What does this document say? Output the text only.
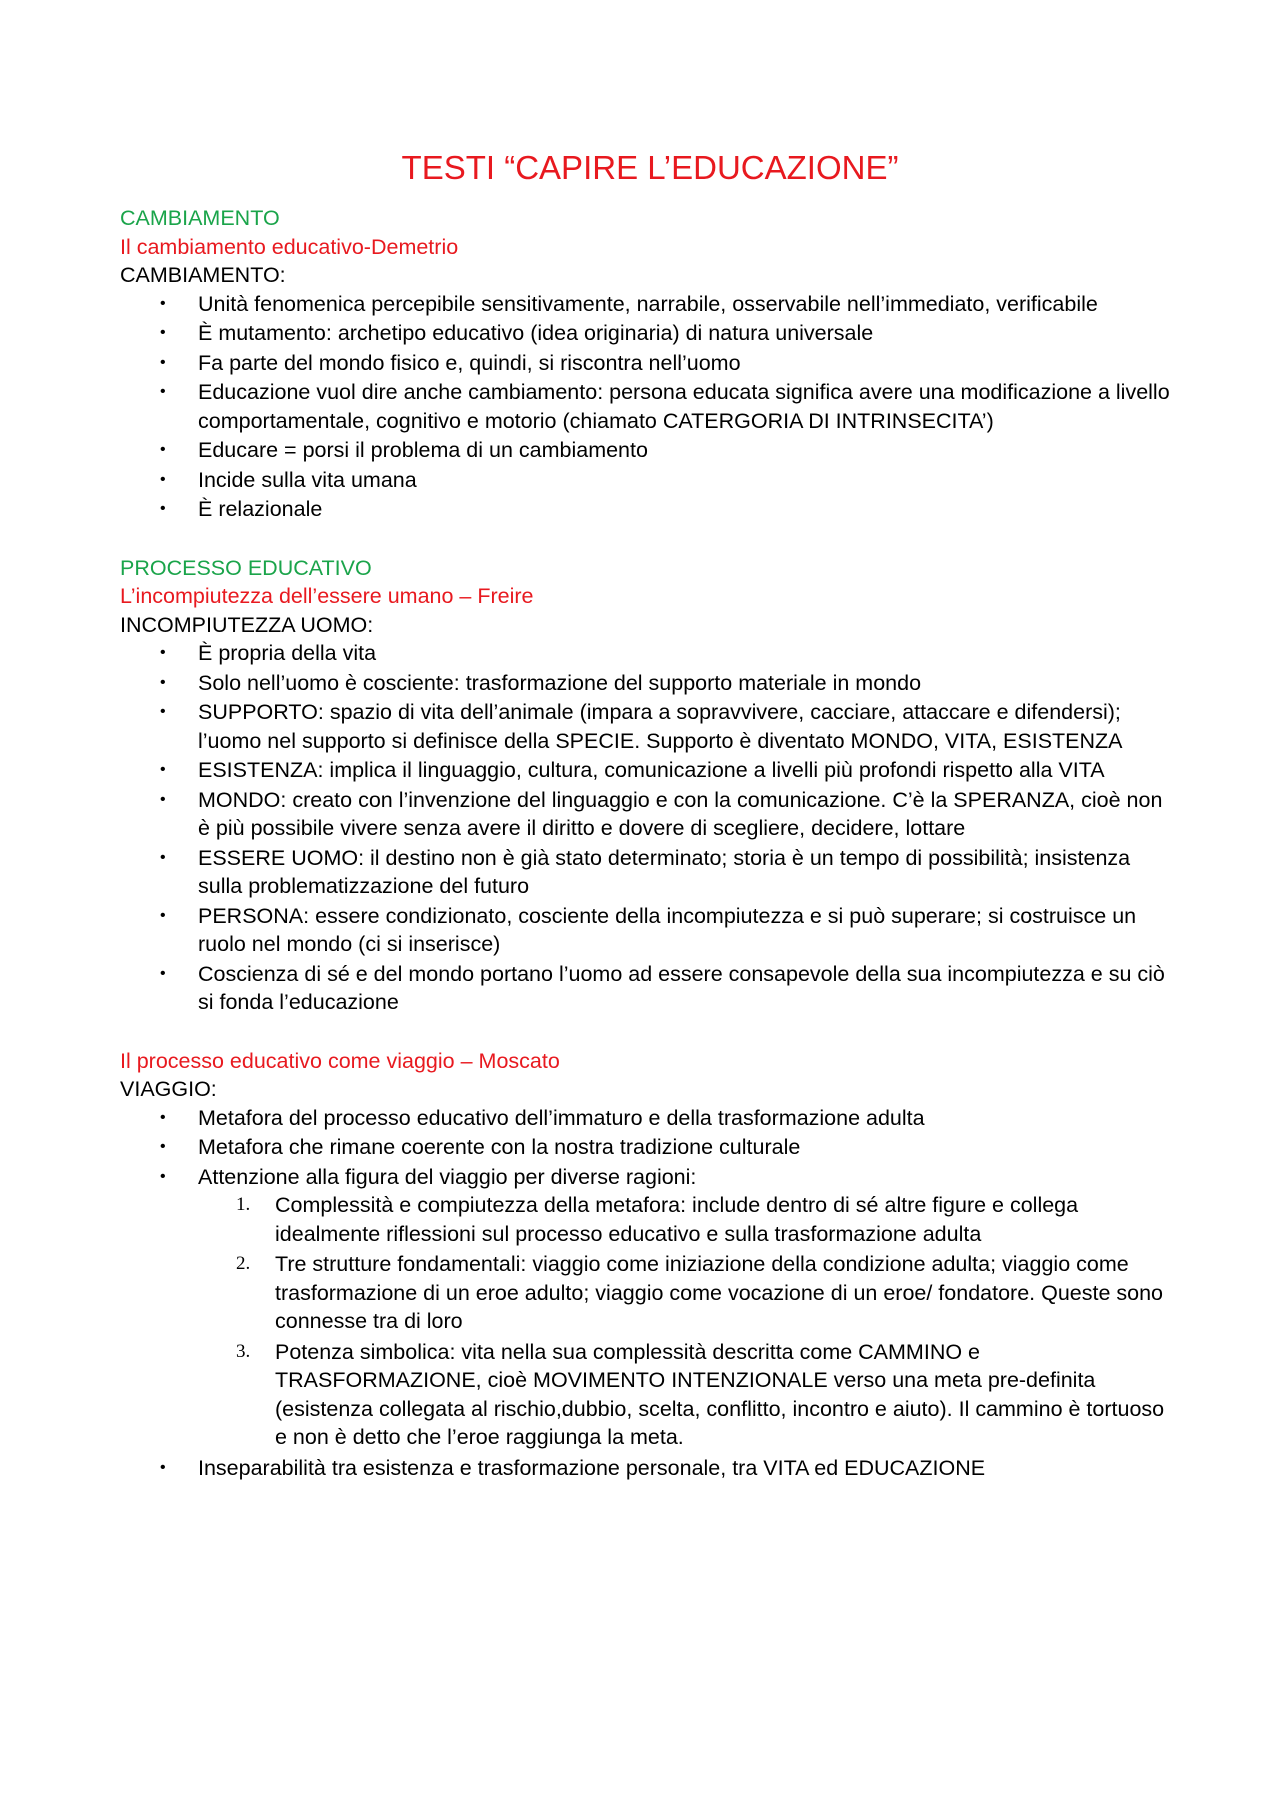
TESTI “CAPIRE L’EDUCAZIONE”

CAMBIAMENTO

Il cambiamento educativo-Demetrio

CAMBIAMENTO:

• Unità fenomenica percepibile sensitivamente, narrabile, osservabile nell’immediato, verificabile
• È mutamento: archetipo educativo (idea originaria) di natura universale
• Fa parte del mondo fisico e, quindi, si riscontra nell’uomo
• Educazione vuol dire anche cambiamento: persona educata significa avere una modificazione a livello comportamentale, cognitivo e motorio (chiamato CATERGORIA DI INTRINSECITA’)
• Educare = porsi il problema di un cambiamento
• Incide sulla vita umana
• È relazionale

PROCESSO EDUCATIVO

L’incompiutezza dell’essere umano – Freire

INCOMPIUTEZZA UOMO:

• È propria della vita
• Solo nell’uomo è cosciente: trasformazione del supporto materiale in mondo
• SUPPORTO: spazio di vita dell’animale (impara a sopravvivere, cacciare, attaccare e difendersi); l’uomo nel supporto si definisce della SPECIE. Supporto è diventato MONDO, VITA, ESISTENZA
• ESISTENZA: implica il linguaggio, cultura, comunicazione a livelli più profondi rispetto alla VITA
• MONDO: creato con l’invenzione del linguaggio e con la comunicazione. C’è la SPERANZA, cioè non è più possibile vivere senza avere il diritto e dovere di scegliere, decidere, lottare
• ESSERE UOMO: il destino non è già stato determinato; storia è un tempo di possibilità; insistenza sulla problematizzazione del futuro
• PERSONA: essere condizionato, cosciente della incompiutezza e si può superare; si costruisce un ruolo nel mondo (ci si inserisce)
• Coscienza di sé e del mondo portano l’uomo ad essere consapevole della sua incompiutezza e su ciò si fonda l’educazione

Il processo educativo come viaggio – Moscato

VIAGGIO:

• Metafora del processo educativo dell’immaturo e della trasformazione adulta
• Metafora che rimane coerente con la nostra tradizione culturale
• Attenzione alla figura del viaggio per diverse ragioni:
1. Complessità e compiutezza della metafora: include dentro di sé altre figure e collega idealmente riflessioni sul processo educativo e sulla trasformazione adulta
2. Tre strutture fondamentali: viaggio come iniziazione della condizione adulta; viaggio come trasformazione di un eroe adulto; viaggio come vocazione di un eroe/ fondatore. Queste sono connesse tra di loro
3. Potenza simbolica: vita nella sua complessità descritta come CAMMINO e TRASFORMAZIONE, cioè MOVIMENTO INTENZIONALE verso una meta pre-definita (esistenza collegata al rischio,dubbio, scelta, conflitto, incontro e aiuto). Il cammino è tortuoso e non è detto che l’eroe raggiunga la meta.
• Inseparabilità tra esistenza e trasformazione personale, tra VITA ed EDUCAZIONE
